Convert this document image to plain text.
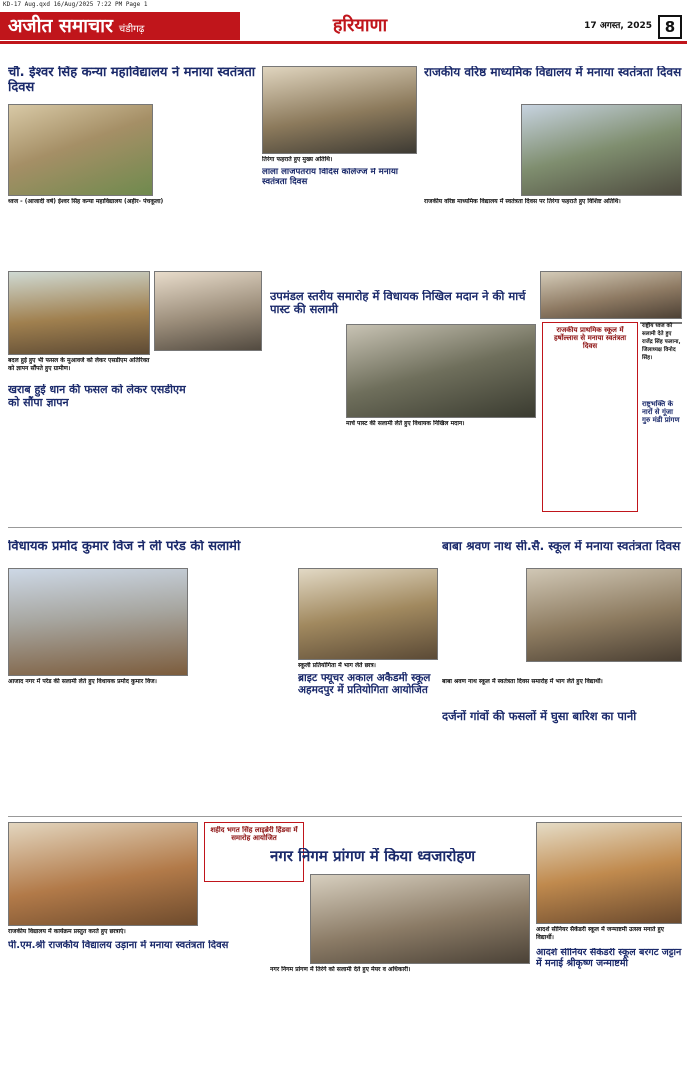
KD-17 Aug.qxd 16/Aug/2025 7:22 PM Page 1
अजीत समाचार चंडीगढ़	हरियाणा	17 अगस्त, 2025 8
चौ. ईश्वर सिंह कन्या महाविद्यालय ने मनाया स्वतंत्रता दिवस
ध्वज - (आजादी वर्ष) ईश्वर सिंह कन्या महाविद्यालय (अहीर- पंचकूला)

तिरंगा फहराते हुए मुख्य अतिथि।
लाला लाजपतराय विदिस कॉलेज्ज में मनाया स्वतंत्रता दिवस

राजकीय वरिष्ठ माध्यमिक विद्यालय में मनाया स्वतंत्रता दिवस

राजकीय वरिष्ठ माध्यमिक विद्यालय में स्वतंत्रता दिवस पर तिरंगा फहराते हुए विशिष्ट अतिथि।

बदल हुई हुए भी फसल के मुआवजे को लेकर एसडीएम अतिरिक्त को ज्ञापन सौंपते हुए ग्रामीण।
उपमंडल स्तरीय समारोह में विधायक निखिल मदान ने की मार्च पास्ट की सलामी

मार्च पास्ट की सलामी लेते हुए विधायक निखिल मदान।

खराब हुई धान की फसल को लेकर एसडीएम को सौंपा ज्ञापन

राजकीय प्राथमिक स्कूल में हर्षोल्लास से मनाया स्वतंत्रता दिवस

विधायक प्रमोद कुमार विज ने ली परेड की सलामी
आजाद नगर में परेड की सलामी लेते हुए विधायक प्रमोद कुमार विज।

स्कूली प्रतियोगिता में भाग लेते छात्र।
ब्राइट फ्यूचर अकाल अकैडमी स्कूल अहमदपुर में प्रतियोगिता आयोजित

बाबा श्रवण नाथ सी.सै. स्कूल में मनाया स्वतंत्रता दिवस

बाबा श्रवण नाथ स्कूल में स्वतंत्रता दिवस समारोह में भाग लेते हुए विद्यार्थी।
दर्जनों गांवों की फसलों में घुसा बारिश का पानी

राजकीय विद्यालय में कार्यक्रम प्रस्तुत करते हुए छात्राएं।
पी.एम.श्री राजकीय विद्यालय उड़ाना में मनाया स्वतंत्रता दिवस

शहीद भगत सिंह लाइब्रेरी हिंडवा में समारोह आयोजित

नगर निगम प्रांगण में किया ध्वजारोहण
नगर निगम प्रांगण में तिरंगे को सलामी देते हुए मेयर व अधिकारी।

आदर्श सीनियर सैकेंडरी स्कूल में जन्माष्टमी उत्सव मनाते हुए विद्यार्थी।
आदर्श सीनियर सैकेंडरी स्कूल बरगट जट्टान में मनाई श्रीकृष्ण जन्माष्टमी

राष्ट्रभक्ति के नारों से गूंजा गुरु मंडी प्रांगण
राष्ट्रीय ध्वज को सलामी देते हुए राजेंद्र सिंह फलाना, जिलाध्यक्ष विनोद सिंह।
